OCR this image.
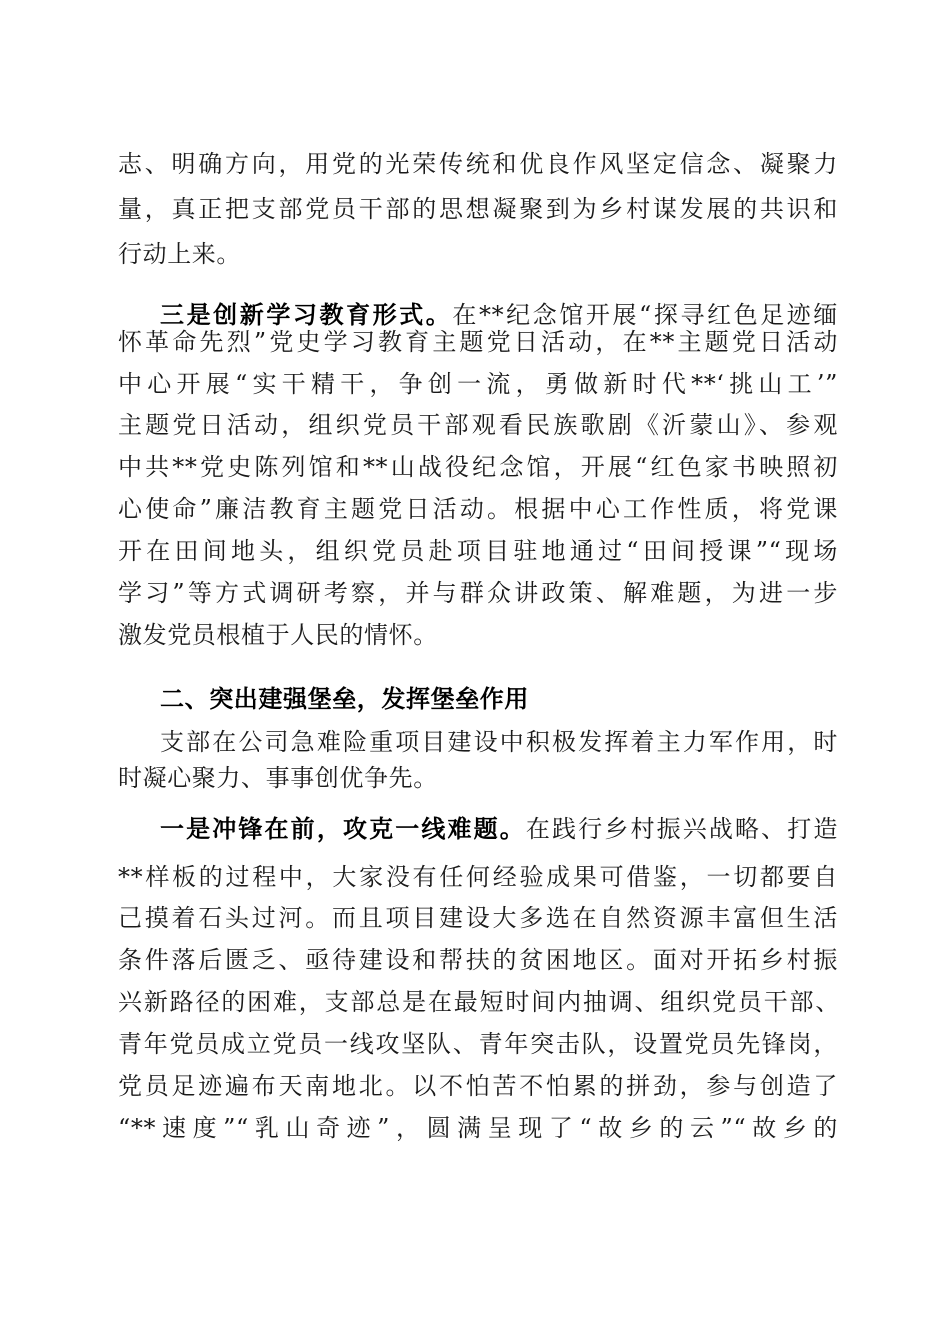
志、明确方向，用党的光荣传统和优良作风坚定信念、凝聚力

量，真正把支部党员干部的思想凝聚到为乡村谋发展的共识和

行动上来。

三是创新学习教育形式。在**纪念馆开展“探寻红色足迹缅

怀革命先烈”党史学习教育主题党日活动，在**主题党日活动

中心开展“实干精干，争创一流，勇做新时代**‘挑山工’”

主题党日活动，组织党员干部观看民族歌剧《沂蒙山》、参观

中共**党史陈列馆和**山战役纪念馆，开展“红色家书映照初

心使命”廉洁教育主题党日活动。根据中心工作性质，将党课

开在田间地头，组织党员赴项目驻地通过“田间授课”“现场

学习”等方式调研考察，并与群众讲政策、解难题，为进一步

激发党员根植于人民的情怀。

二、突出建强堡垒，发挥堡垒作用

支部在公司急难险重项目建设中积极发挥着主力军作用，时

时凝心聚力、事事创优争先。

一是冲锋在前，攻克一线难题。在践行乡村振兴战略、打造

**样板的过程中，大家没有任何经验成果可借鉴，一切都要自

己摸着石头过河。而且项目建设大多选在自然资源丰富但生活

条件落后匮乏、亟待建设和帮扶的贫困地区。面对开拓乡村振

兴新路径的困难，支部总是在最短时间内抽调、组织党员干部、

青年党员成立党员一线攻坚队、青年突击队，设置党员先锋岗，

党员足迹遍布天南地北。以不怕苦不怕累的拼劲，参与创造了

“**速度”“乳山奇迹”，圆满呈现了“故乡的云”“故乡的
